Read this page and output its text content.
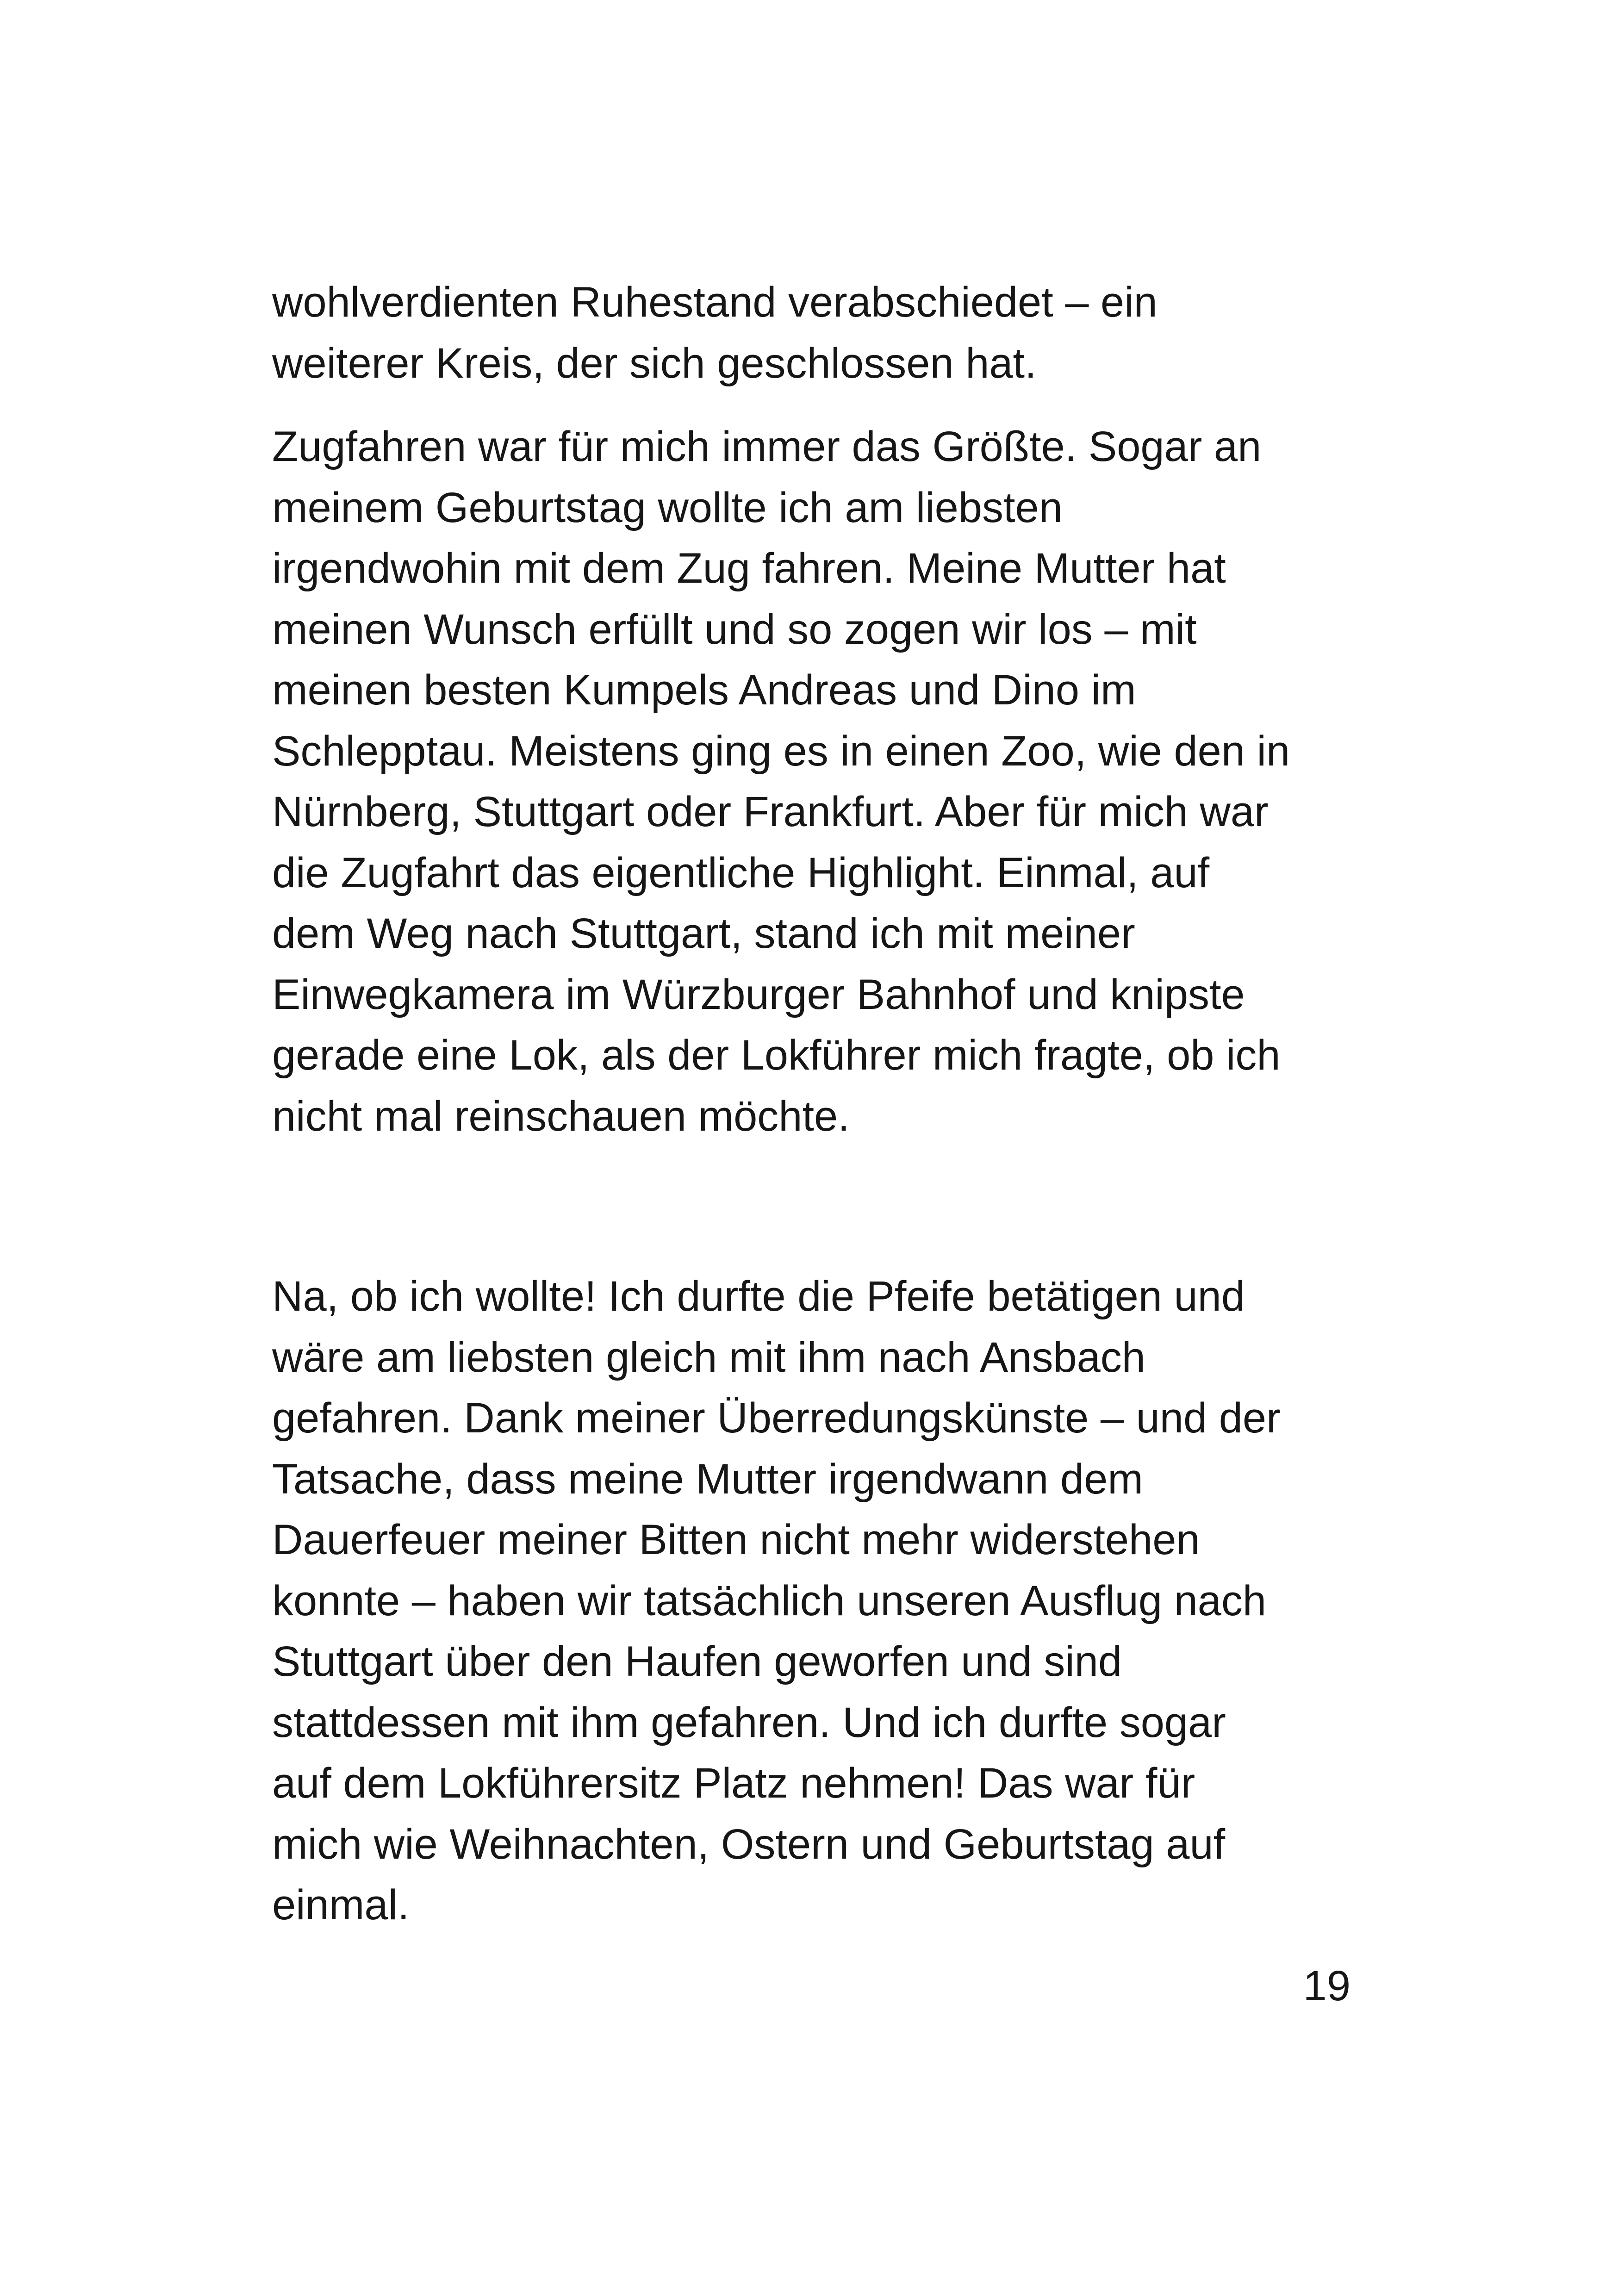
wohlverdienten Ruhestand verabschiedet – ein
weiterer Kreis, der sich geschlossen hat.

Zugfahren war für mich immer das Größte. Sogar an
meinem Geburtstag wollte ich am liebsten
irgendwohin mit dem Zug fahren. Meine Mutter hat
meinen Wunsch erfüllt und so zogen wir los – mit
meinen besten Kumpels Andreas und Dino im
Schlepptau. Meistens ging es in einen Zoo, wie den in
Nürnberg, Stuttgart oder Frankfurt. Aber für mich war
die Zugfahrt das eigentliche Highlight. Einmal, auf
dem Weg nach Stuttgart, stand ich mit meiner
Einwegkamera im Würzburger Bahnhof und knipste
gerade eine Lok, als der Lokführer mich fragte, ob ich
nicht mal reinschauen möchte.

Na, ob ich wollte! Ich durfte die Pfeife betätigen und
wäre am liebsten gleich mit ihm nach Ansbach
gefahren. Dank meiner Überredungskünste – und der
Tatsache, dass meine Mutter irgendwann dem
Dauerfeuer meiner Bitten nicht mehr widerstehen
konnte – haben wir tatsächlich unseren Ausflug nach
Stuttgart über den Haufen geworfen und sind
stattdessen mit ihm gefahren. Und ich durfte sogar
auf dem Lokführersitz Platz nehmen! Das war für
mich wie Weihnachten, Ostern und Geburtstag auf
einmal.

19
